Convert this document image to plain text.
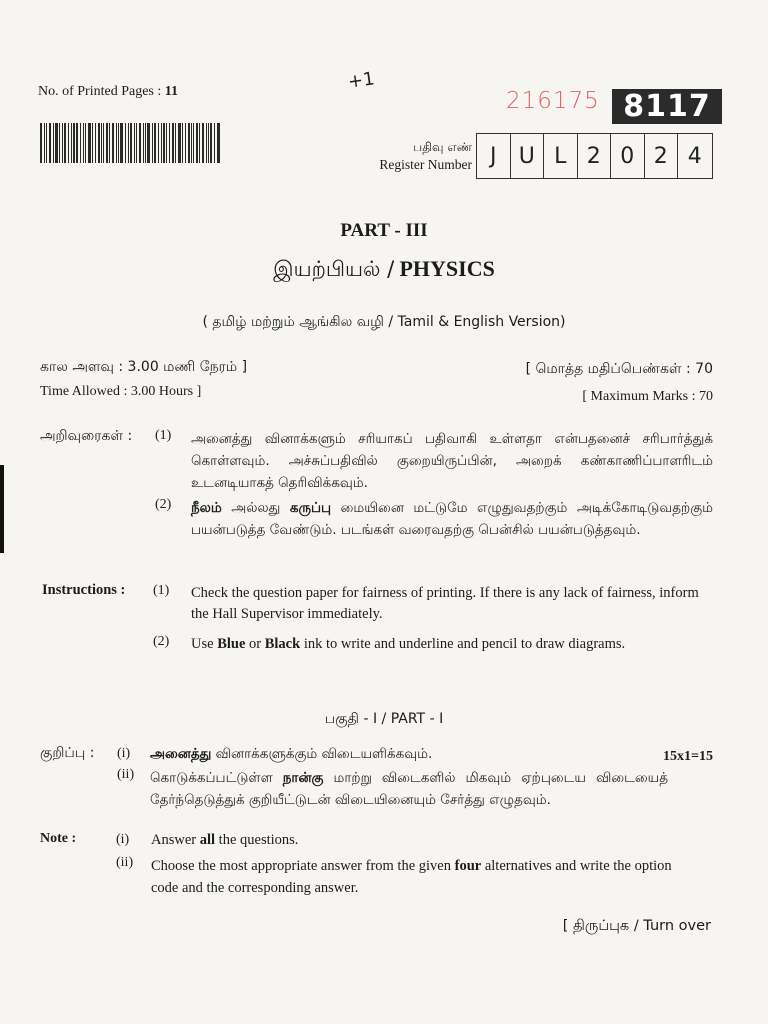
No. of Printed Pages : 11	+1
216175 8117
பதிவு எண்
Register Number J	U L 2 0 2 4
PART - III
இயற்பியல் / PHYSICS
( தமிழ் மற்றும் ஆங்கில வழி / Tamil & English Version)
கால அளவு : 3.00 மணி நேரம் ]
Time Allowed : 3.00 Hours ]
[ மொத்த மதிப்பெண்கள் : 70
[ Maximum Marks : 70
அறிவுரைகள் : (1) அனைத்து வினாக்களும் சரியாகப் பதிவாகி உள்ளதா என்பதனைச் சரிபார்த்துக் கொள்ளவும். அச்சுப்பதிவில் குறையிருப்பின், அறைக் கண்காணிப்பாளரிடம் உடனடியாகத் தெரிவிக்கவும்.
(2) நீலம் அல்லது கருப்பு மையினை மட்டுமே எழுதுவதற்கும் அடிக்கோடிடுவதற்கும் பயன்படுத்த வேண்டும். படங்கள் வரைவதற்கு பென்சில் பயன்படுத்தவும்.
Instructions : (1) Check the question paper for fairness of printing. If there is any lack of fairness, inform the Hall Supervisor immediately.
(2) Use Blue or Black ink to write and underline and pencil to draw diagrams.
பகுதி - I / PART - I
குறிப்பு : (i) அனைத்து வினாக்களுக்கும் விடையளிக்கவும்.	15x1=15
(ii) கொடுக்கப்பட்டுள்ள நான்கு மாற்று விடைகளில் மிகவும் ஏற்புடைய விடையைத் தேர்ந்தெடுத்துக் குறியீட்டுடன் விடையினையும் சேர்த்து எழுதவும்.
Note :	(i) Answer all the questions.
(ii) Choose the most appropriate answer from the given four alternatives and write the option code and the corresponding answer.
[ திருப்புக / Turn over
